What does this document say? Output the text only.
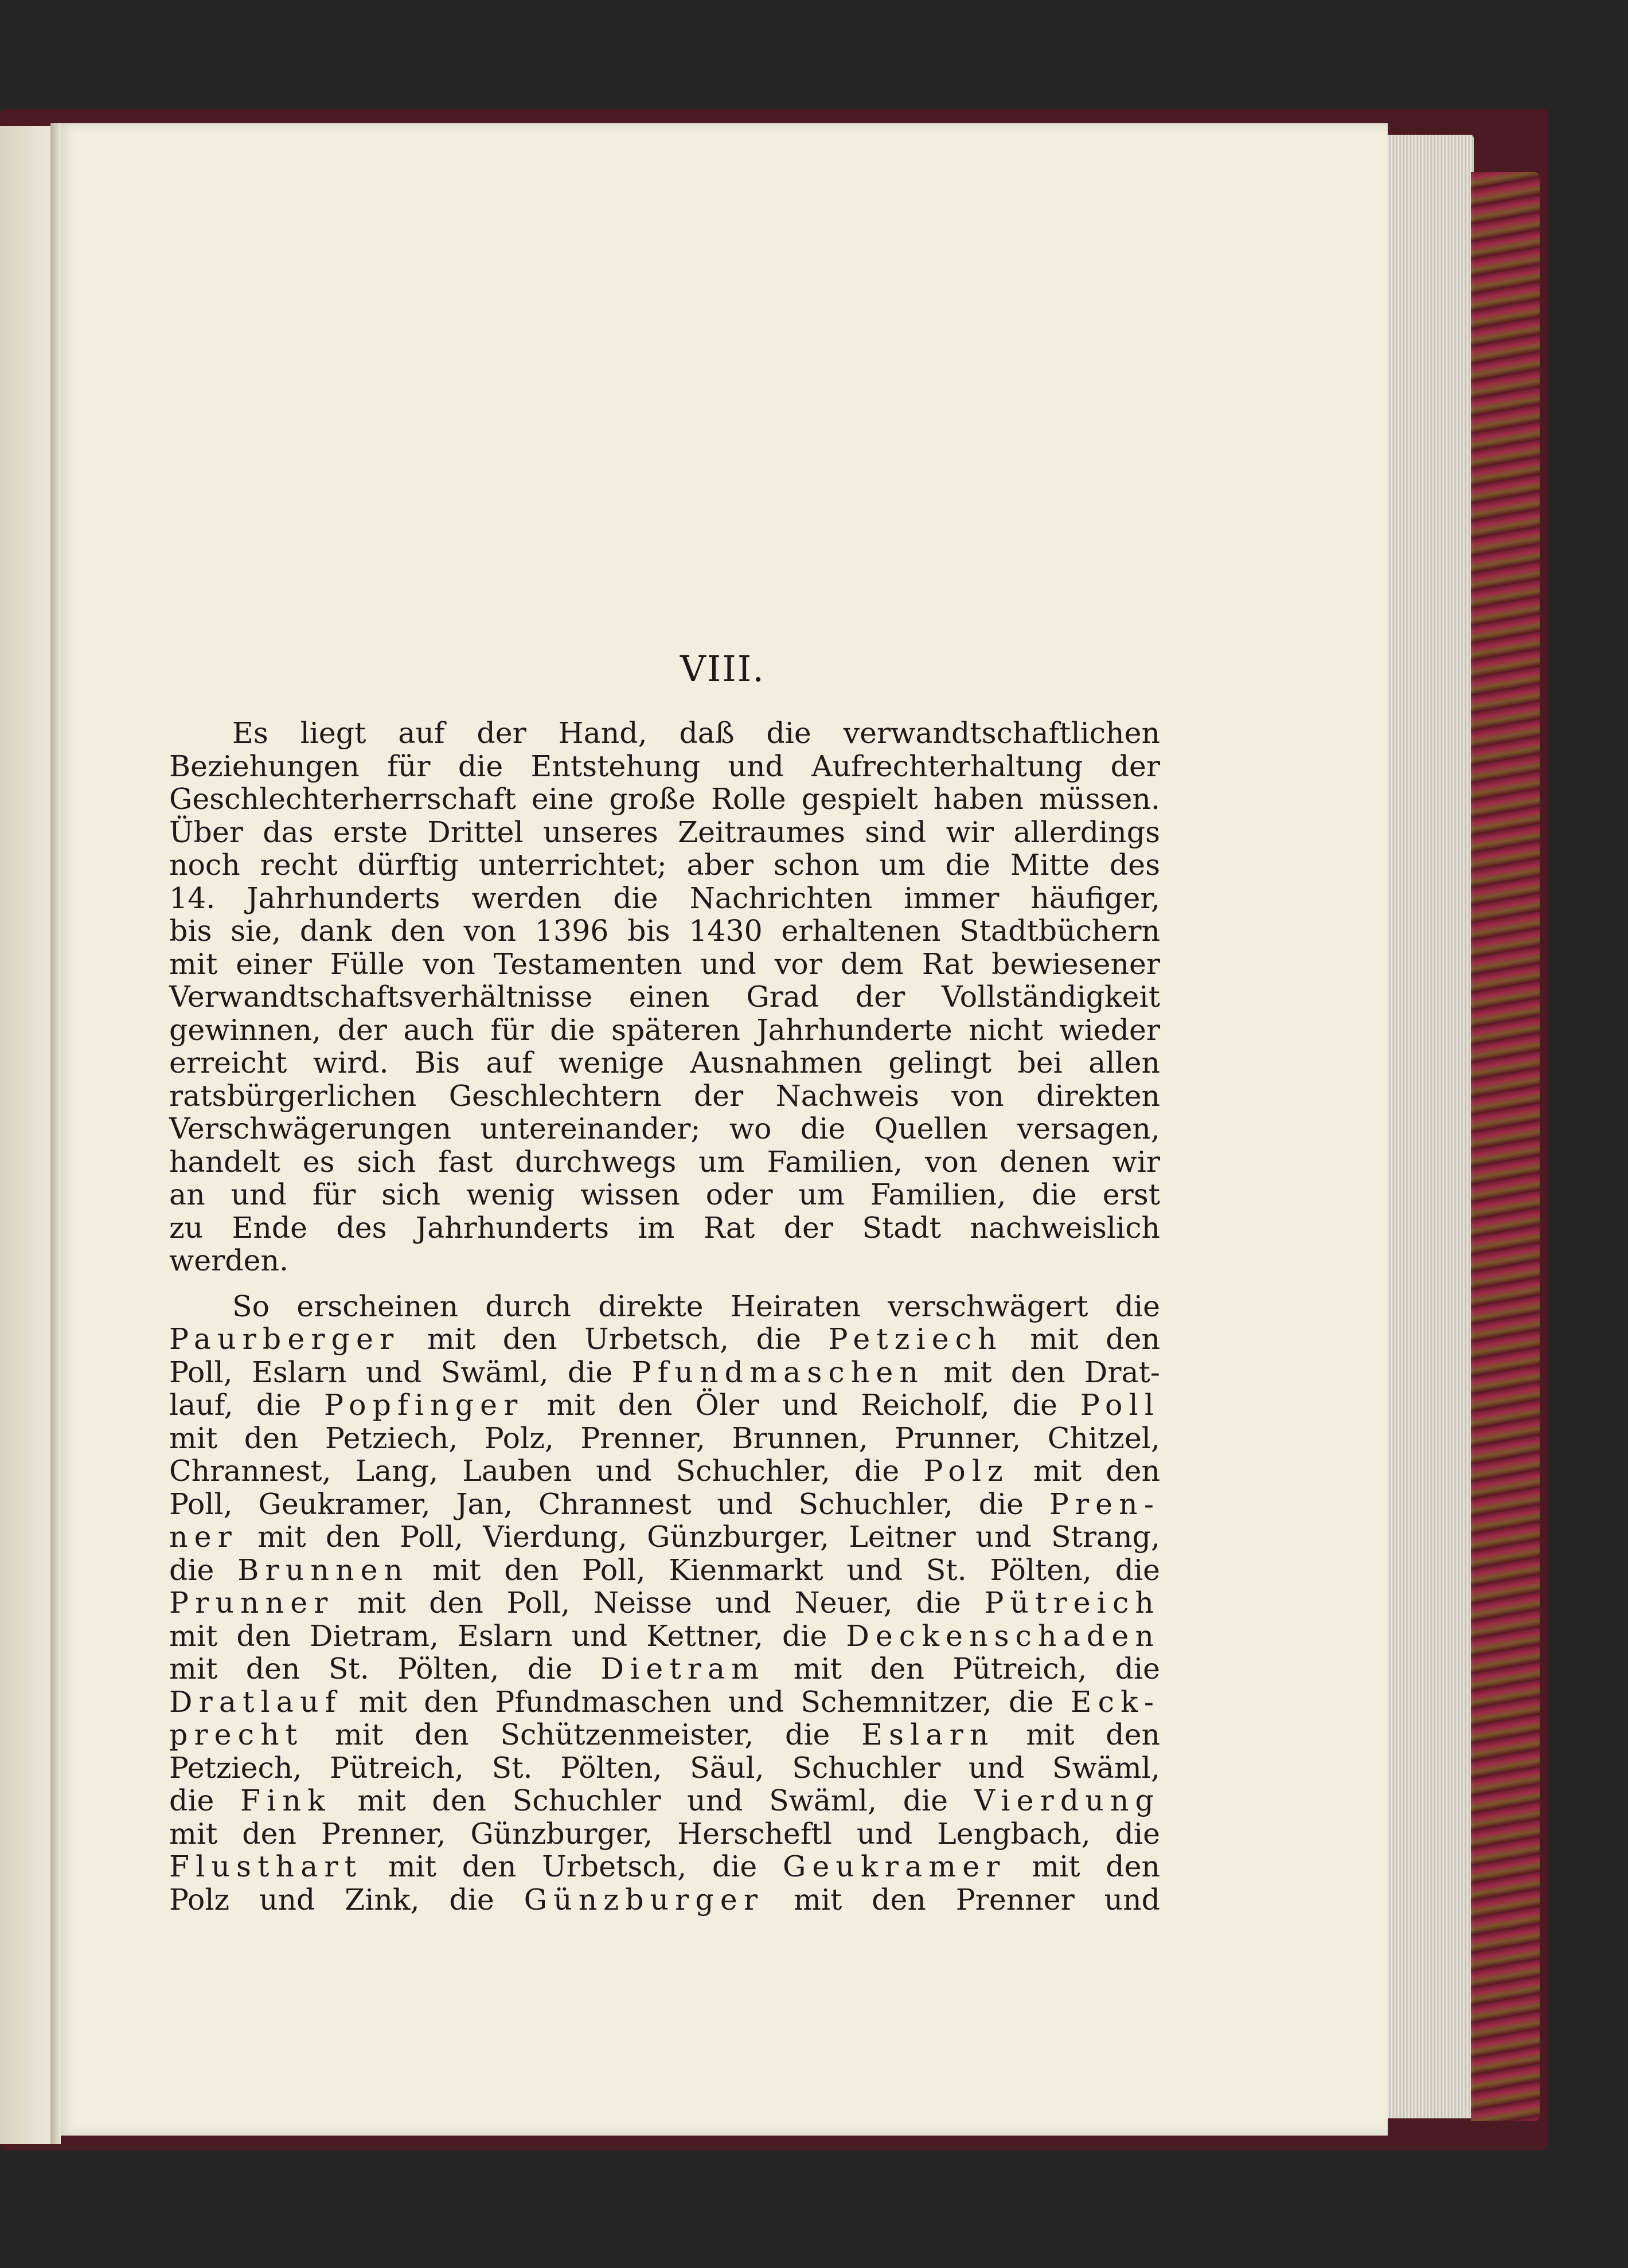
VIII.
Es liegt auf der Hand, daß die verwandtschaftlichen
Beziehungen für die Entstehung und Aufrechterhaltung der
Geschlechterherrschaft eine große Rolle gespielt haben müssen.
Über das erste Drittel unseres Zeitraumes sind wir allerdings
noch recht dürftig unterrichtet; aber schon um die Mitte des
14. Jahrhunderts werden die Nachrichten immer häufiger,
bis sie, dank den von 1396 bis 1430 erhaltenen Stadtbüchern
mit einer Fülle von Testamenten und vor dem Rat bewiesener
Verwandtschaftsverhältnisse einen Grad der Vollständigkeit
gewinnen, der auch für die späteren Jahrhunderte nicht wieder
erreicht wird. Bis auf wenige Ausnahmen gelingt bei allen
ratsbürgerlichen Geschlechtern der Nachweis von direkten
Verschwägerungen untereinander; wo die Quellen versagen,
handelt es sich fast durchwegs um Familien, von denen wir
an und für sich wenig wissen oder um Familien, die erst
zu Ende des Jahrhunderts im Rat der Stadt nachweislich
werden.
So erscheinen durch direkte Heiraten verschwägert die
Paurberger mit den Urbetsch, die Petziech mit den
Poll, Eslarn und Swäml, die Pfundmaschen mit den Drat-
lauf, die Popfinger mit den Öler und Reicholf, die Poll
mit den Petziech, Polz, Prenner, Brunnen, Prunner, Chitzel,
Chrannest, Lang, Lauben und Schuchler, die Polz mit den
Poll, Geukramer, Jan, Chrannest und Schuchler, die Pren-
ner mit den Poll, Vierdung, Günzburger, Leitner und Strang,
die Brunnen mit den Poll, Kienmarkt und St. Pölten, die
Prunner mit den Poll, Neisse und Neuer, die Pütreich
mit den Dietram, Eslarn und Kettner, die Deckenschaden
mit den St. Pölten, die Dietram mit den Pütreich, die
Dratlauf mit den Pfundmaschen und Schemnitzer, die Eck-
precht mit den Schützenmeister, die Eslarn mit den
Petziech, Pütreich, St. Pölten, Säul, Schuchler und Swäml,
die Fink mit den Schuchler und Swäml, die Vierdung
mit den Prenner, Günzburger, Herscheftl und Lengbach, die
Flusthart mit den Urbetsch, die Geukramer mit den
Polz und Zink, die Günzburger mit den Prenner und
